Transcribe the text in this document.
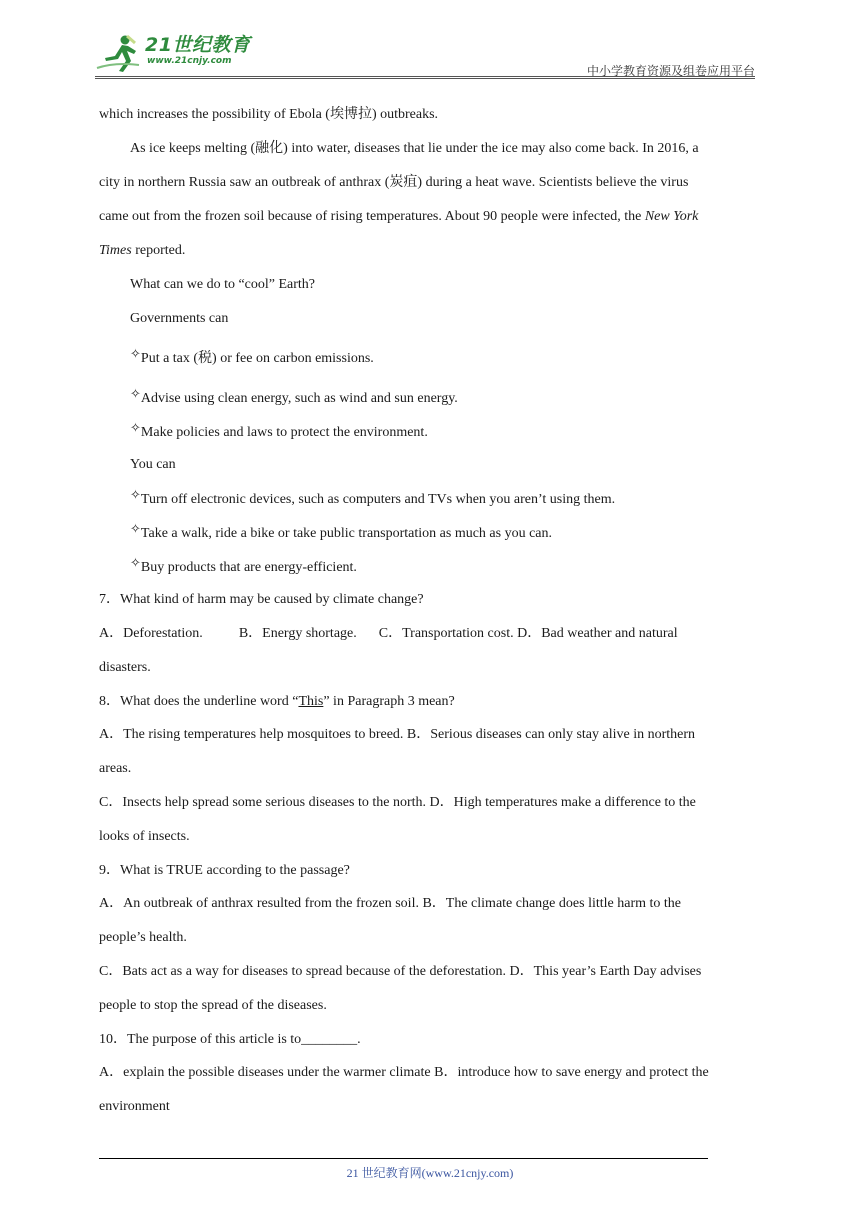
21世纪教育
www.21cnjy.com
中小学教育资源及组卷应用平台
which increases the possibility of Ebola (埃博拉) outbreaks.
As ice keeps melting (融化) into water, diseases that lie under the ice may also come back. In 2016, a
city in northern Russia saw an outbreak of anthrax (炭疽) during a heat wave. Scientists believe the virus
came out from the frozen soil because of rising temperatures. About 90 people were infected, the New York
Times reported.
What can we do to “cool” Earth?
Governments can
✧Put a tax (税) or fee on carbon emissions.
✧Advise using clean energy, such as wind and sun energy.
✧Make policies and laws to protect the environment.
You can
✧Turn off electronic devices, such as computers and TVs when you aren’t using them.
✧Take a walk, ride a bike or take public transportation as much as you can.
✧Buy products that are energy-efficient.
7．What kind of harm may be caused by climate change?
A．Deforestation.	B．Energy shortage. C．Transportation cost. D．Bad weather and natural
disasters.
8．What does the underline word “This” in Paragraph 3 mean?
A．The rising temperatures help mosquitoes to breed. B．Serious diseases can only stay alive in northern
areas.
C．Insects help spread some serious diseases to the north. D．High temperatures make a difference to the
looks of insects.
9．What is TRUE according to the passage?
A．An outbreak of anthrax resulted from the frozen soil. B．The climate change does little harm to the
people’s health.
C．Bats act as a way for diseases to spread because of the deforestation. D．This year’s Earth Day advises
people to stop the spread of the diseases.
10．The purpose of this article is to________.
A．explain the possible diseases under the warmer climate B．introduce how to save energy and protect the
environment
21 世纪教育网(www.21cnjy.com)
